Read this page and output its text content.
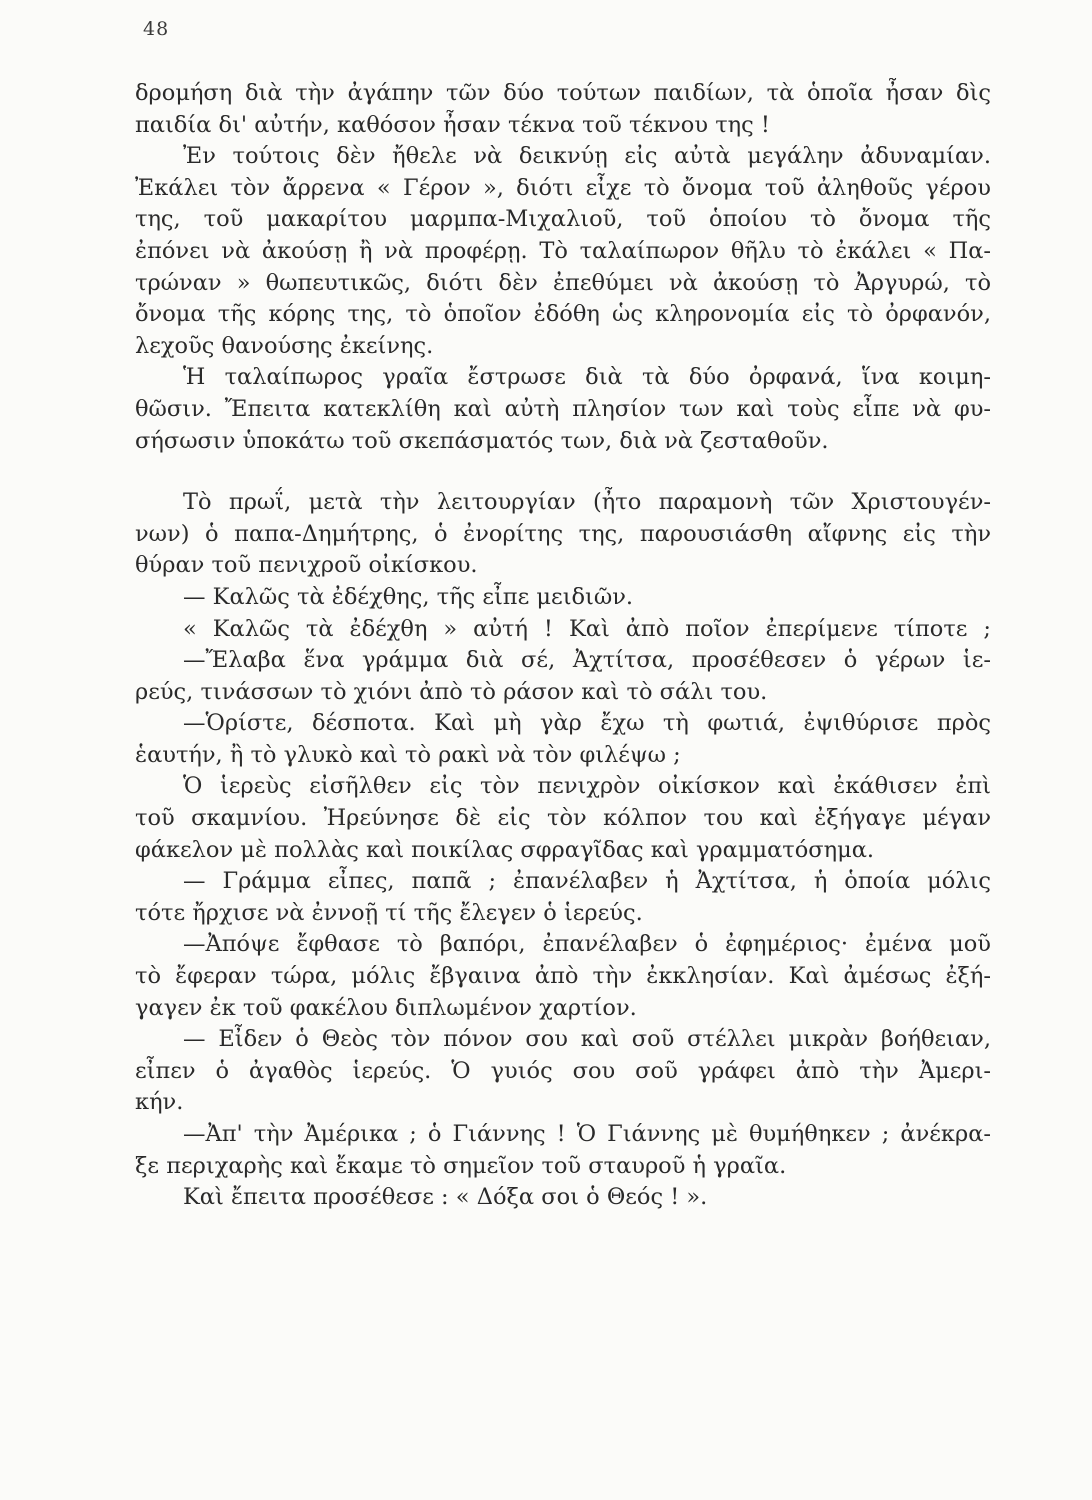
48
δρομήση διὰ τὴν ἀγάπην τῶν δύο τούτων παιδίων, τὰ ὁποῖα ἦσαν δὶς
παιδία δι' αὐτήν, καθόσον ἦσαν τέκνα τοῦ τέκνου της !
Ἐν τούτοις δὲν ἤθελε νὰ δεικνύῃ εἰς αὐτὰ μεγάλην ἀδυναμίαν.
Ἐκάλει τὸν ἄρρενα « Γέρον », διότι εἶχε τὸ ὄνομα τοῦ ἀληθοῦς γέρου
της, τοῦ μακαρίτου μαρμπα-Μιχαλιοῦ, τοῦ ὁποίου τὸ ὄνομα τῆς
ἐπόνει νὰ ἀκούσῃ ἢ νὰ προφέρῃ. Τὸ ταλαίπωρον θῆλυ τὸ ἐκάλει « Πα-
τρώναν » θωπευτικῶς, διότι δὲν ἐπεθύμει νὰ ἀκούσῃ τὸ Ἀργυρώ, τὸ
ὄνομα τῆς κόρης της, τὸ ὁποῖον ἐδόθη ὡς κληρονομία εἰς τὸ ὀρφανόν,
λεχοῦς θανούσης ἐκείνης.
Ἡ ταλαίπωρος γραῖα ἔστρωσε διὰ τὰ δύο ὀρφανά, ἵνα κοιμη-
θῶσιν. Ἔπειτα κατεκλίθη καὶ αὐτὴ πλησίον των καὶ τοὺς εἶπε νὰ φυ-
σήσωσιν ὑποκάτω τοῦ σκεπάσματός των, διὰ νὰ ζεσταθοῦν.
Τὸ πρωΐ, μετὰ τὴν λειτουργίαν (ἦτο παραμονὴ τῶν Χριστουγέν-
νων) ὁ παπα-Δημήτρης, ὁ ἐνορίτης της, παρουσιάσθη αἴφνης εἰς τὴν
θύραν τοῦ πενιχροῦ οἰκίσκου.
— Καλῶς τὰ ἐδέχθης, τῆς εἶπε μειδιῶν.
« Καλῶς τὰ ἐδέχθη » αὐτή ! Καὶ ἀπὸ ποῖον ἐπερίμενε τίποτε ;
—Ἔλαβα ἕνα γράμμα διὰ σέ, Ἀχτίτσα, προσέθεσεν ὁ γέρων ἱε-
ρεύς, τινάσσων τὸ χιόνι ἀπὸ τὸ ράσον καὶ τὸ σάλι του.
—Ὁρίστε, δέσποτα. Καὶ μὴ γὰρ ἔχω τὴ φωτιά, ἐψιθύρισε πρὸς
ἑαυτήν, ἢ τὸ γλυκὸ καὶ τὸ ρακὶ νὰ τὸν φιλέψω ;
Ὁ ἱερεὺς εἰσῆλθεν εἰς τὸν πενιχρὸν οἰκίσκον καὶ ἐκάθισεν ἐπὶ
τοῦ σκαμνίου. Ἠρεύνησε δὲ εἰς τὸν κόλπον του καὶ ἐξήγαγε μέγαν
φάκελον μὲ πολλὰς καὶ ποικίλας σφραγῖδας καὶ γραμματόσημα.
— Γράμμα εἶπες, παπᾶ ; ἐπανέλαβεν ἡ Ἀχτίτσα, ἡ ὁποία μόλις
τότε ἤρχισε νὰ ἐννοῇ τί τῆς ἔλεγεν ὁ ἱερεύς.
—Ἀπόψε ἔφθασε τὸ βαπόρι, ἐπανέλαβεν ὁ ἐφημέριος· ἐμένα μοῦ
τὸ ἔφεραν τώρα, μόλις ἔβγαινα ἀπὸ τὴν ἐκκλησίαν. Καὶ ἀμέσως ἐξή-
γαγεν ἐκ τοῦ φακέλου διπλωμένον χαρτίον.
— Εἶδεν ὁ Θεὸς τὸν πόνον σου καὶ σοῦ στέλλει μικρὰν βοήθειαν,
εἶπεν ὁ ἀγαθὸς ἱερεύς. Ὁ γυιός σου σοῦ γράφει ἀπὸ τὴν Ἀμερι-
κήν.
—Ἀπ' τὴν Ἀμέρικα ; ὁ Γιάννης ! Ὁ Γιάννης μὲ θυμήθηκεν ; ἀνέκρα-
ξε περιχαρὴς καὶ ἔκαμε τὸ σημεῖον τοῦ σταυροῦ ἡ γραῖα.
Καὶ ἔπειτα προσέθεσε : « Δόξα σοι ὁ Θεός ! ».
